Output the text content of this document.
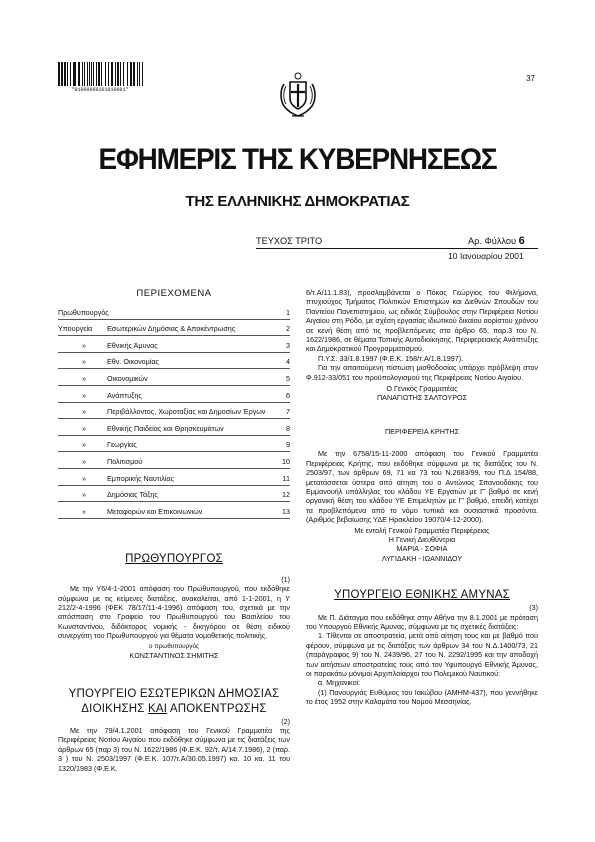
*01000060101010001*
37
ΕΦΗΜΕΡΙΣ ΤΗΣ ΚΥΒΕΡΝΗΣΕΩΣ
ΤΗΣ ΕΛΛΗΝΙΚΗΣ ΔΗΜΟΚΡΑΤΙΑΣ
ΤΕΥΧΟΣ ΤΡΙΤΟ	Αρ. Φύλλου 6
10 Ιανουαρίου 2001
ΠΕΡΙΕΧΟΜΕΝΑ
Πρωθυπουργός	1
Υπουργεία	Εσωτερικών Δημόσιας & Αποκέντρωσης	2
»	Εθνικής Άμυνας	3
»	Εθν. Οικονομίας	4
»	Οικονομικών	5
»	Ανάπτυξης	6
»	Περιβάλλοντος, Χωροταξίας και Δημοσίων Έργων	7
»	Εθνικής Παιδείας και Θρησκευμάτων	8
»	Γεωργίας	9
»	Πολιτισμού	10
»	Εμπορικής Ναυτιλίας	11
»	Δημόσιας Τάξης	12
»	Μεταφορών και Επικοινωνιών	13
ΠΡΩΘΥΠΟΥΡΓΟΣ
(1)

Με την Υ6/4-1-2001 απόφαση του Πρωθυπουργού, που εκδόθηκε σύμφωνα με τις κείμενες διατάξεις, ανακαλείται, από 1-1-2001, η Υ 212/2-4-1996 (ΦΕΚ 78/17/11-4-1996) απόφαση του, σχετικά με την απόσπαση στο Γραφείο του Πρωθυπουργού του Βασιλείου του Κωνσταντίνου, διδάκτορος νομικής - δικηγόρου σε θέση ειδικού συνεργάτη του Πρωθυπουργού για θέματα νομοθετικής πολιτικής.

ο πρωθυπουργός
ΚΩΝΣΤΑΝΤΙΝΟΣ ΣΗΜΙΤΗΣ
ΥΠΟΥΡΓΕΙΟ ΕΣΩΤΕΡΙΚΩΝ ΔΗΜΟΣΙΑΣ
ΔΙΟΙΚΗΣΗΣ ΚΑΙ ΑΠΟΚΕΝΤΡΩΣΗΣ
(2)

Με την 79/4.1.2001 απόφαση του Γενικού Γραμματέα της Περιφέρειας Νοτίου Αιγαίου που εκδόθηκε σύμφωνα με τις διατάξεις των άρθρων 65 (παρ 3) του Ν. 1622/1986 (Φ.Ε.Κ. 92/τ. Α/14.7.1986), 2 (παρ. 3 ) του Ν. 2503/1997 (Φ.Ε.Κ. 107/τ.Α/30.05.1997) κα. 10 κα. 11 του 1320/1983 (Φ.Ε.Κ.

6/τ.Α/11.1.83), προσλαμβάνεται ο Πόκας Γεώργιος του Φιλήμονα, πτυχιούχος Τμήματος Πολιτικών Επιστημών και Διεθνών Σπουδών του Παντείου Πανεπιστημίου, ως ειδικός Σύμβουλος στην Περιφέρεια Νοτίου Αιγαίου στη Ρόδο, με σχέση εργασίας ιδιωτικού δικαίου αορίστου χρόνου σε κενή θέση από τις προβλεπόμενες στο άρθρο 65, παρ.3 του Ν. 1622/1986, σε θέματα Τοπικής Αυτοδιοίκησης, Περιφερειακής Ανάπτυξης και Δημοκρατικού Προγραμματισμού.

Π.Υ.Σ. 33/1.8.1997 (Φ.Ε.Κ. 158/τ.Α/1.8.1997).

Για την απαιτούμενη πίστωση μισθοδοσίας υπάρχει πρόβλεψη στον Φ.912-33/051 του προϋπολογισμού της Περιφέρειας Νοτίου Αιγαίου.

Ο Γενικός Γραμματέας
ΠΑΝΑΓΙΩΤΗΣ ΣΑΛΤΟΥΡΟΣ
ΠΕΡΙΦΕΡΕΙΑ ΚΡΗΤΗΣ

Με την 6758/15-11-2000 απόφαση του Γενικού Γραμματέα Περιφέρειας Κρήτης, που εκδόθηκε σύμφωνα με τις διατάξεις του Ν. 2503/97, των άρθρων 69, 71 κα 73 του Ν.2683/99, του Π.Δ 154/88, μετατάσσεται ύστερα από αίτηση του ο Αντώνιος Σπανουδάκης του Εμμανουήλ υπάλληλος του κλάδου ΥΕ Εργατών με Γ' βαθμό σε κενή οργανική θέση του κλάδου ΥΕ Επιμελητών με Γ' βαθμό, επειδή κατέχει τα προβλεπόμενα από το νόμο τυπικά και ουσιαστικά προσόντα. (Αριθμός βεβαίωσης ΥΔΕ Ηρακλείου 19070/4-12-2000).

Με εντολή Γενικού Γραμματέα Περιφέρειας
Η Γενική Διευθύντρια
ΜΑΡΙΑ - ΣΟΦΙΑ
ΛΥΓΙΔΑΚΗ - ΙΩΑΝΝΙΔΟΥ
ΥΠΟΥΡΓΕΙΟ ΕΘΝΙΚΗΣ ΑΜΥΝΑΣ
(3)

Με Π. Διάταγμα που εκδόθηκε στην Αθήνα την 8.1.2001 με πρόταση του Υπουργού Εθνικής Άμυνας, σύμφωνα με τις σχετικές διατάξεις:

1. Τίθενται σε αποστρατεία, μετά από αίτηση τους και με βαθμό που φέρουν, σύμφωνα με τις διατάξεις των άρθρων 34 του Ν.Δ.1400/73, 21 (παράγραφος 9) του Ν. 2439/96, 27 του Ν. 2292/1995 και την αποδοχή των αιτήσεων αποστρατείας τους από τον Υφυπουργό Εθνικής Άμυνας, οι παρακάτω μόνιμοι Αρχιπλοίαρχοι του Πολεμικού Ναυτικού:

α. Μηχανικοί:

(1) Πανουργιάς Ευθύμιος του Ιακώβου (ΑΜΗΜ-437), που γεννήθηκε το έτος 1952 στην Καλαμάτα του Νομού Μεσσηνίας.
